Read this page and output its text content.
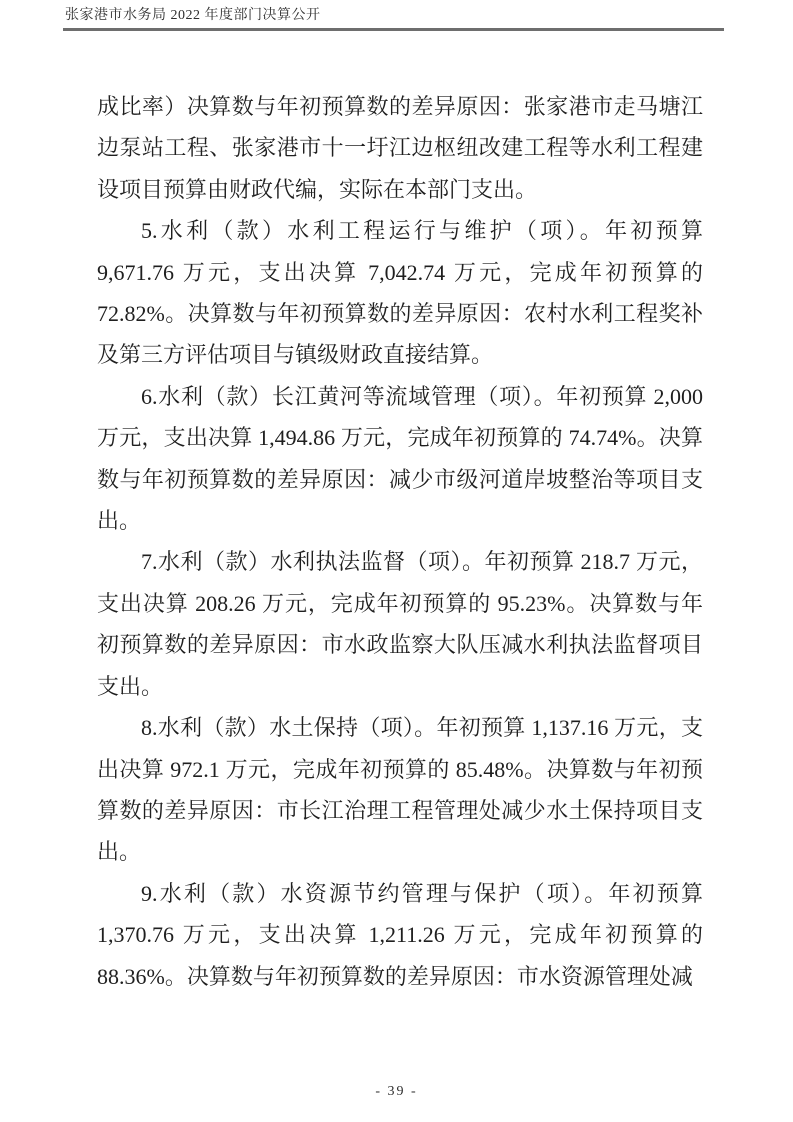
张家港市水务局 2022 年度部门决算公开

成比率）决算数与年初预算数的差异原因：张家港市走马塘江边泵站工程、张家港市十一圩江边枢纽改建工程等水利工程建设项目预算由财政代编，实际在本部门支出。

5.水利（款）水利工程运行与维护（项）。年初预算 9,671.76 万元，支出决算 7,042.74 万元，完成年初预算的 72.82%。决算数与年初预算数的差异原因：农村水利工程奖补及第三方评估项目与镇级财政直接结算。

6.水利（款）长江黄河等流域管理（项）。年初预算 2,000 万元，支出决算 1,494.86 万元，完成年初预算的 74.74%。决算数与年初预算数的差异原因：减少市级河道岸坡整治等项目支出。

7.水利（款）水利执法监督（项）。年初预算 218.7 万元，支出决算 208.26 万元，完成年初预算的 95.23%。决算数与年初预算数的差异原因：市水政监察大队压减水利执法监督项目支出。

8.水利（款）水土保持（项）。年初预算 1,137.16 万元，支出决算 972.1 万元，完成年初预算的 85.48%。决算数与年初预算数的差异原因：市长江治理工程管理处减少水土保持项目支出。

9.水利（款）水资源节约管理与保护（项）。年初预算 1,370.76 万元，支出决算 1,211.26 万元，完成年初预算的 88.36%。决算数与年初预算数的差异原因：市水资源管理处减

- 39 -
